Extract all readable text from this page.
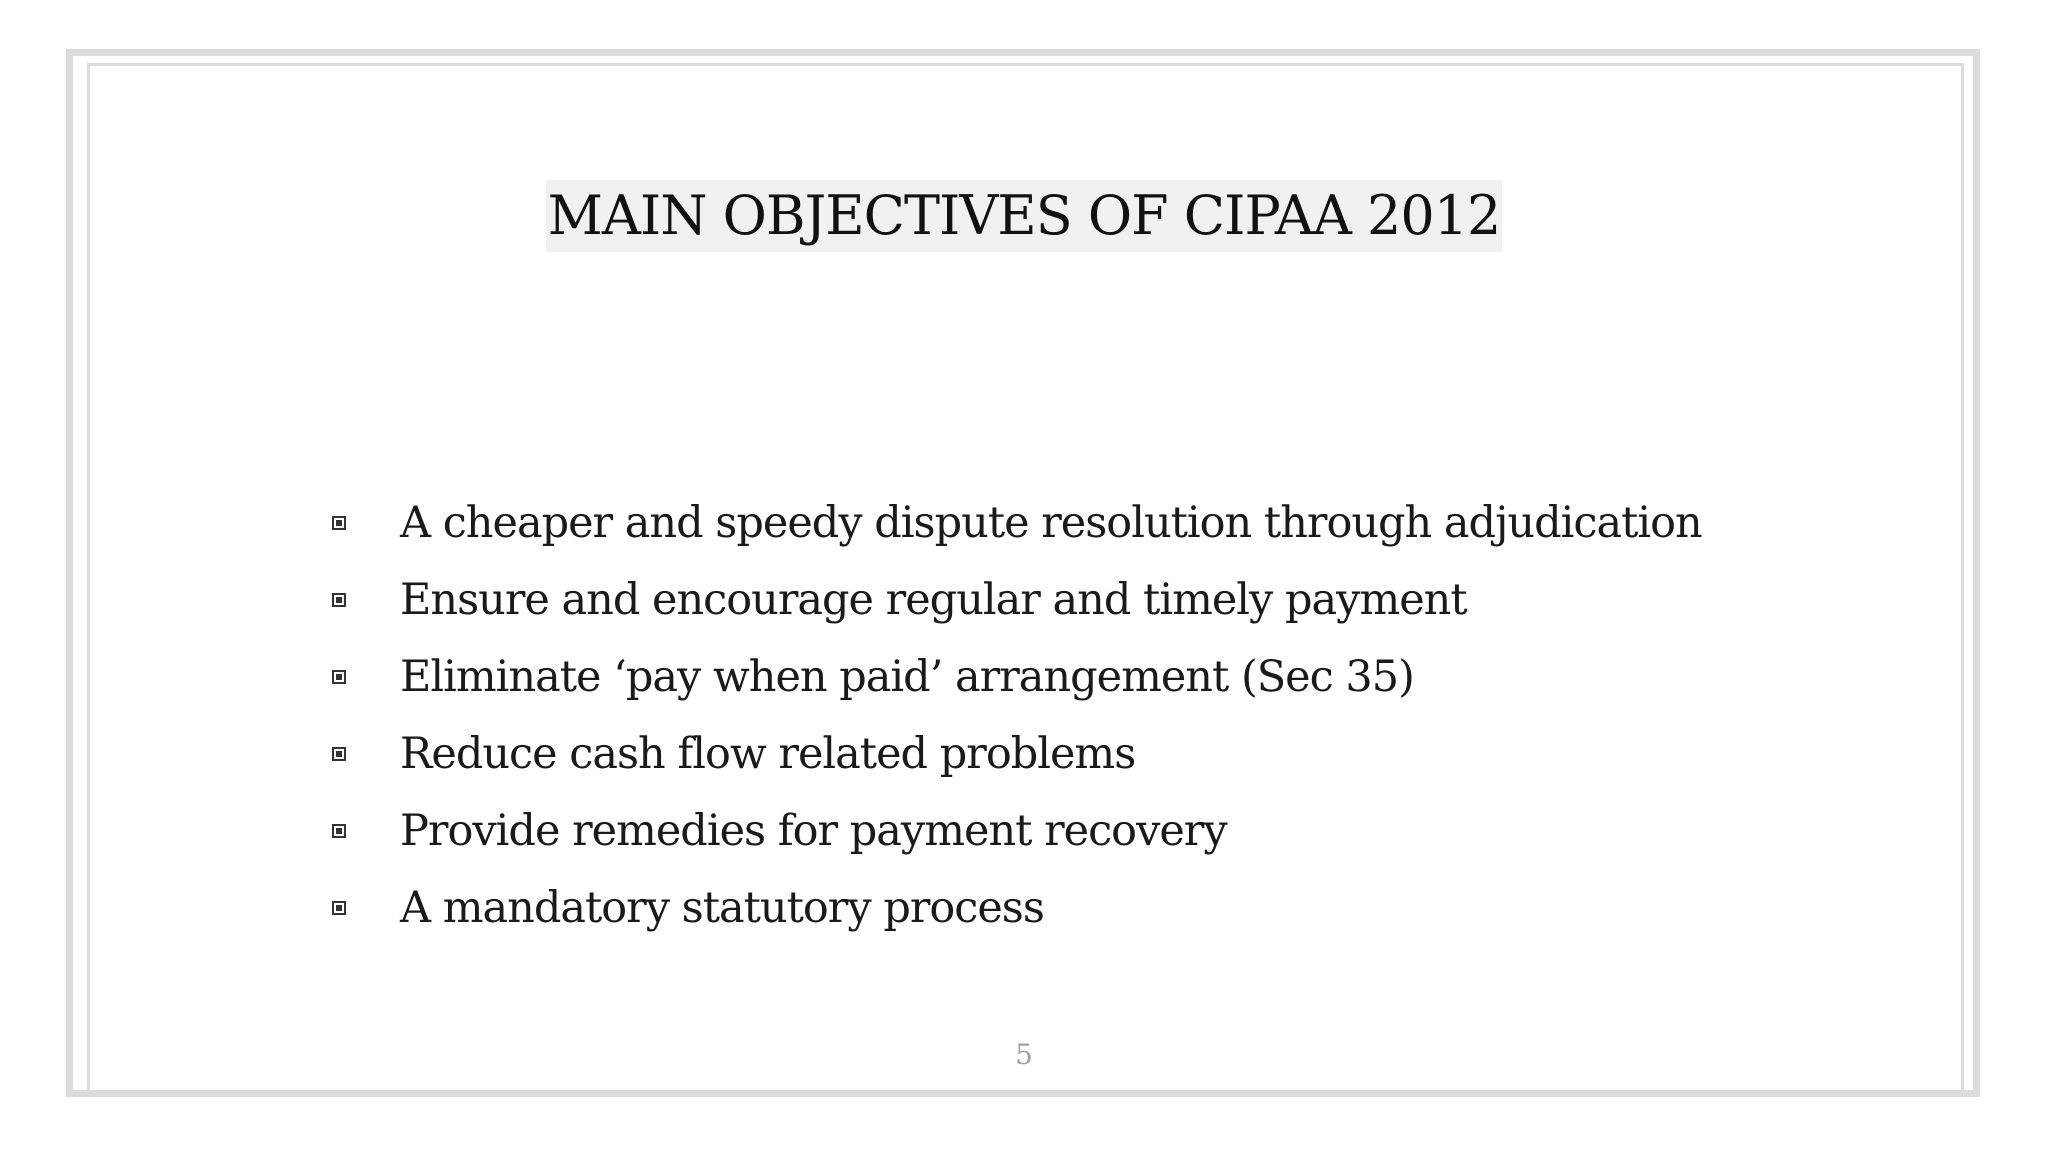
MAIN OBJECTIVES OF CIPAA 2012
A cheaper and speedy dispute resolution through adjudication
Ensure and encourage regular and timely payment
Eliminate ‘pay when paid’ arrangement (Sec 35)
Reduce cash flow related problems
Provide remedies for payment recovery
A mandatory statutory process
5
